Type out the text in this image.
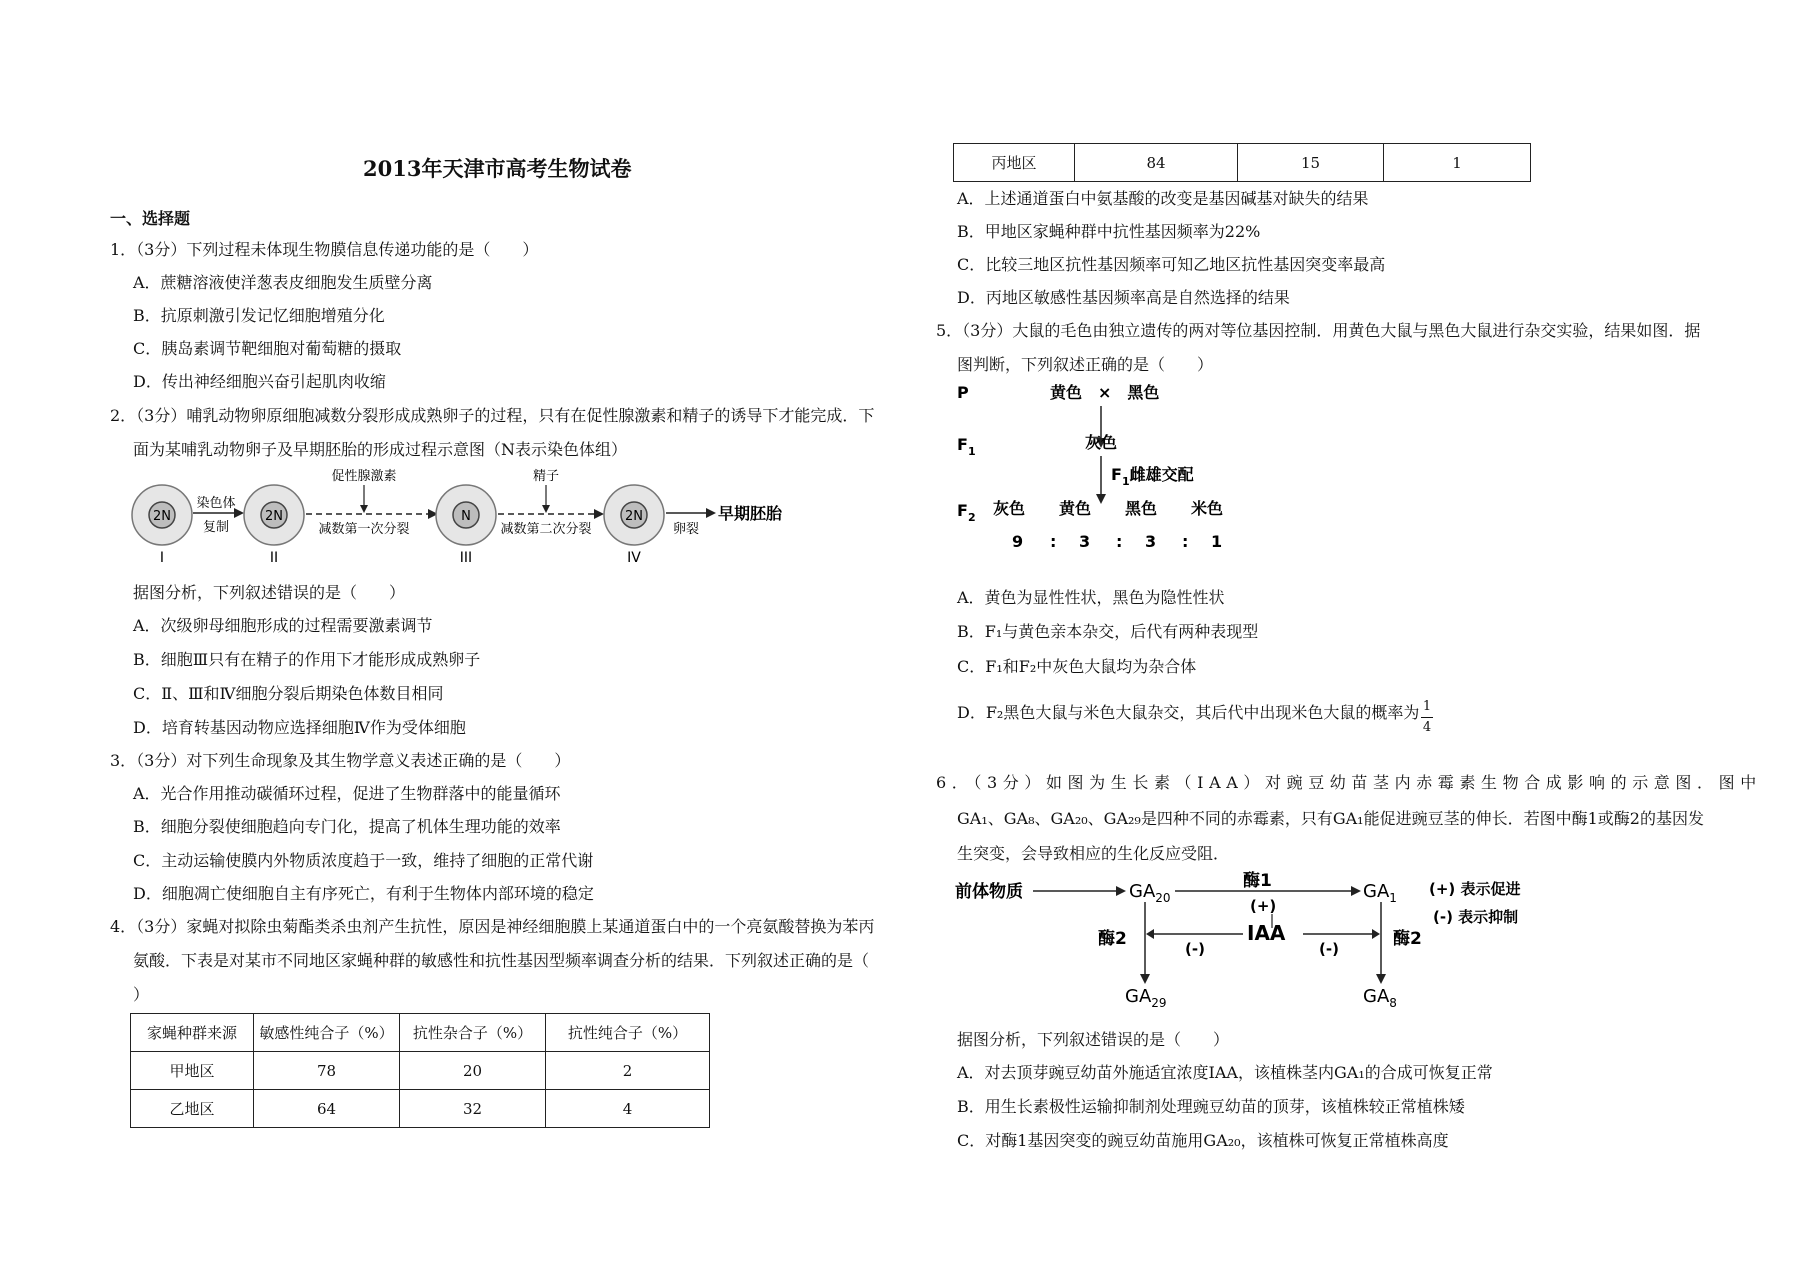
2013年天津市高考生物试卷
一、选择题
1．（3分）下列过程未体现生物膜信息传递功能的是（　　）
A．蔗糖溶液使洋葱表皮细胞发生质壁分离
B．抗原刺激引发记忆细胞增殖分化
C．胰岛素调节靶细胞对葡萄糖的摄取
D．传出神经细胞兴奋引起肌肉收缩
2．（3分）哺乳动物卵原细胞减数分裂形成成熟卵子的过程，只有在促性腺激素和精子的诱导下才能完成．下
面为某哺乳动物卵子及早期胚胎的形成过程示意图（N表示染色体组）
2N
染色体
复制
2N
促性腺激素
减数第一次分裂
N
精子
减数第二次分裂
2N
卵裂
早期胚胎
I	II	III	IV
据图分析，下列叙述错误的是（　　）
A．次级卵母细胞形成的过程需要激素调节
B．细胞Ⅲ只有在精子的作用下才能形成成熟卵子
C．Ⅱ、Ⅲ和Ⅳ细胞分裂后期染色体数目相同
D．培育转基因动物应选择细胞Ⅳ作为受体细胞
3．（3分）对下列生命现象及其生物学意义表述正确的是（　　）
A．光合作用推动碳循环过程，促进了生物群落中的能量循环
B．细胞分裂使细胞趋向专门化，提高了机体生理功能的效率
C．主动运输使膜内外物质浓度趋于一致，维持了细胞的正常代谢
D．细胞凋亡使细胞自主有序死亡，有利于生物体内部环境的稳定
4．（3分）家蝇对拟除虫菊酯类杀虫剂产生抗性，原因是神经细胞膜上某通道蛋白中的一个亮氨酸替换为苯丙
氨酸．下表是对某市不同地区家蝇种群的敏感性和抗性基因型频率调查分析的结果．下列叙述正确的是（
）
家蝇种群来源	敏感性纯合子（%）	抗性杂合子（%）	抗性纯合子（%）
甲地区	78	20	2
乙地区	64	32	4
丙地区	84	15	1
A．上述通道蛋白中氨基酸的改变是基因碱基对缺失的结果
B．甲地区家蝇种群中抗性基因频率为22%
C．比较三地区抗性基因频率可知乙地区抗性基因突变率最高
D．丙地区敏感性基因频率高是自然选择的结果
5．（3分）大鼠的毛色由独立遗传的两对等位基因控制．用黄色大鼠与黑色大鼠进行杂交实验，结果如图．据
图判断，下列叙述正确的是（　　）
P	黄色　×　黑色
$F_1$	灰色
$F_1$雌雄交配
$F_2$ 灰色 黄色 黑色 米色
9 : 3 : 3 : 1
A．黄色为显性性状，黑色为隐性性状
B．F₁与黄色亲本杂交，后代有两种表现型
C．F₁和F₂中灰色大鼠均为杂合体
D．F₂黑色大鼠与米色大鼠杂交，其后代中出现米色大鼠的概率为 1
4
6．（3分）如图为生长素（IAA）对豌豆幼苗茎内赤霉素生物合成影响的示意图．图中
GA₁、GA₈、GA₂₀、GA₂₉是四种不同的赤霉素，只有GA₁能促进豌豆茎的伸长．若图中酶1或酶2的基因发
生突变，会导致相应的生化反应受阻．
前体物质	$GA_{20}$
酶1
(+)
$GA_1$ (+) 表示促进
(-) 表示抑制
酶2	酶2
IAA
(-)	(-)
$GA_{29}$	$GA_8$
据图分析，下列叙述错误的是（　　）
A．对去顶芽豌豆幼苗外施适宜浓度IAA，该植株茎内GA₁的合成可恢复正常
B．用生长素极性运输抑制剂处理豌豆幼苗的顶芽，该植株较正常植株矮
C．对酶1基因突变的豌豆幼苗施用GA₂₀，该植株可恢复正常植株高度
